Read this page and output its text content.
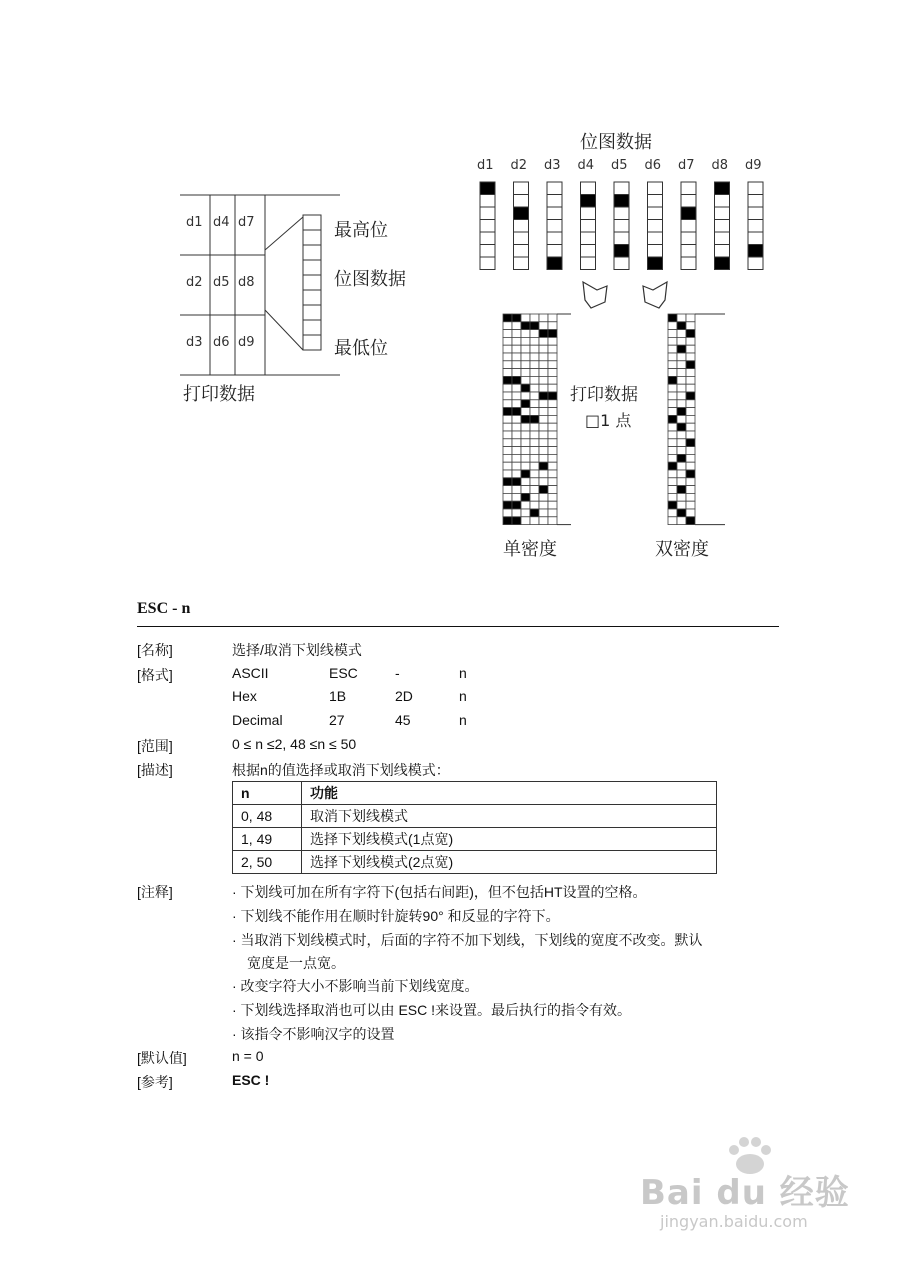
d1 d4 d7
d2 d5 d8
d3 d6 d9
最高位
位图数据
最低位
打印数据
位图数据
d1 d2 d3 d4 d5 d6 d7 d8 d9
打印数据
□1 点
单密度	双密度
ESC - n
[名称]	选择/取消下划线模式
[格式]	ASCII	ESC	-	n
Hex	1B	2D	n
Decimal	27	45	n
[范围]	0 ≤ n ≤2, 48 ≤n ≤ 50
[描述]	根据n的值选择或取消下划线模式：
n	功能
0, 48	取消下划线模式
1, 49	选择下划线模式(1点宽)
2, 50	选择下划线模式(2点宽)
[注释]	· 下划线可加在所有字符下(包括右间距)，但不包括HT设置的空格。
· 下划线不能作用在顺时针旋转90° 和反显的字符下。
· 当取消下划线模式时，后面的字符不加下划线，下划线的宽度不改变。默认
宽度是一点宽。
· 改变字符大小不影响当前下划线宽度。
· 下划线选择取消也可以由 ESC !来设置。最后执行的指令有效。
· 该指令不影响汉字的设置
[默认值]	n = 0
[参考]	ESC !
Bai du 经验
jingyan.baidu.com
